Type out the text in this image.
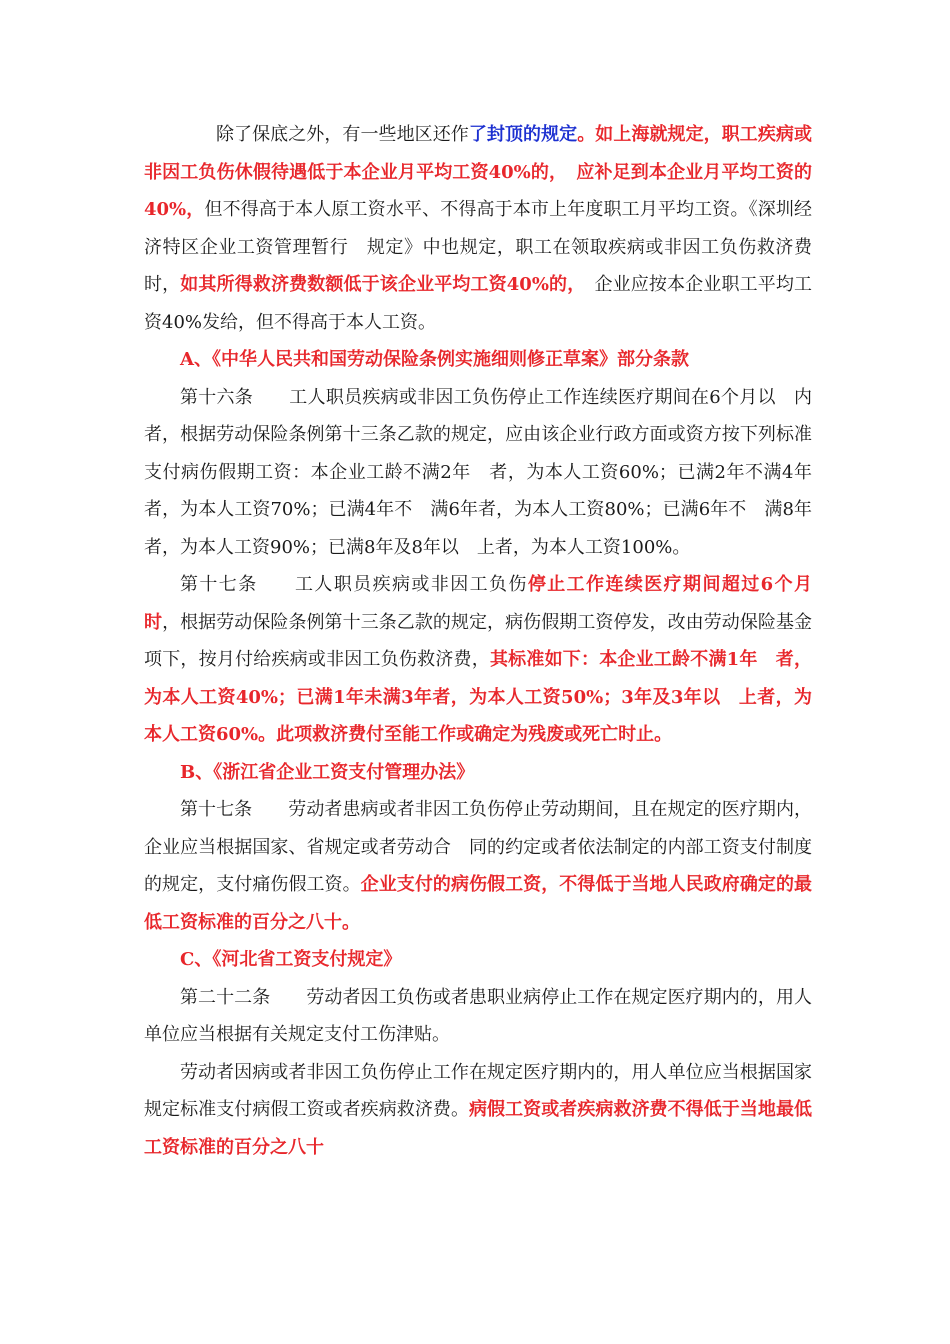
除了保底之外，有一些地区还作了封顶的规定。如上海就规定，职工疾病或非因工负伤休假待遇低于本企业月平均工资40%的，　应补足到本企业月平均工资的40%，但不得高于本人原工资水平、不得高于本市上年度职工月平均工资。《深圳经济特区企业工资管理暂行　规定》中也规定，职工在领取疾病或非因工负伤救济费时，如其所得救济费数额低于该企业平均工资40%的，　企业应按本企业职工平均工资40%发给，但不得高于本人工资。

A、《中华人民共和国劳动保险条例实施细则修正草案》部分条款

第十六条 工人职员疾病或非因工负伤停止工作连续医疗期间在6个月以　内者，根据劳动保险条例第十三条乙款的规定，应由该企业行政方面或资方按下列标准支付病伤假期工资：本企业工龄不满2年　者，为本人工资60%；已满2年不满4年者，为本人工资70%；已满4年不　满6年者，为本人工资80%；已满6年不　满8年者，为本人工资90%；已满8年及8年以　上者，为本人工资100%。

第十七条 工人职员疾病或非因工负伤停止工作连续医疗期间超过6个月　时，根据劳动保险条例第十三条乙款的规定，病伤假期工资停发，改由劳动保险基金项下，按月付给疾病或非因工负伤救济费，其标准如下：本企业工龄不满1年　者，为本人工资40%；已满1年未满3年者，为本人工资50%；3年及3年以　上者，为本人工资60%。此项救济费付至能工作或确定为残废或死亡时止。

B、《浙江省企业工资支付管理办法》

第十七条 劳动者患病或者非因工负伤停止劳动期间，且在规定的医疗期内，企业应当根据国家、省规定或者劳动合　同的约定或者依法制定的内部工资支付制度的规定，支付痛伤假工资。企业支付的病伤假工资，不得低于当地人民政府确定的最低工资标准的百分之八十。

C、《河北省工资支付规定》

第二十二条 劳动者因工负伤或者患职业病停止工作在规定医疗期内的，用人单位应当根据有关规定支付工伤津贴。

劳动者因病或者非因工负伤停止工作在规定医疗期内的，用人单位应当根据国家规定标准支付病假工资或者疾病救济费。病假工资或者疾病救济费不得低于当地最低工资标准的百分之八十
